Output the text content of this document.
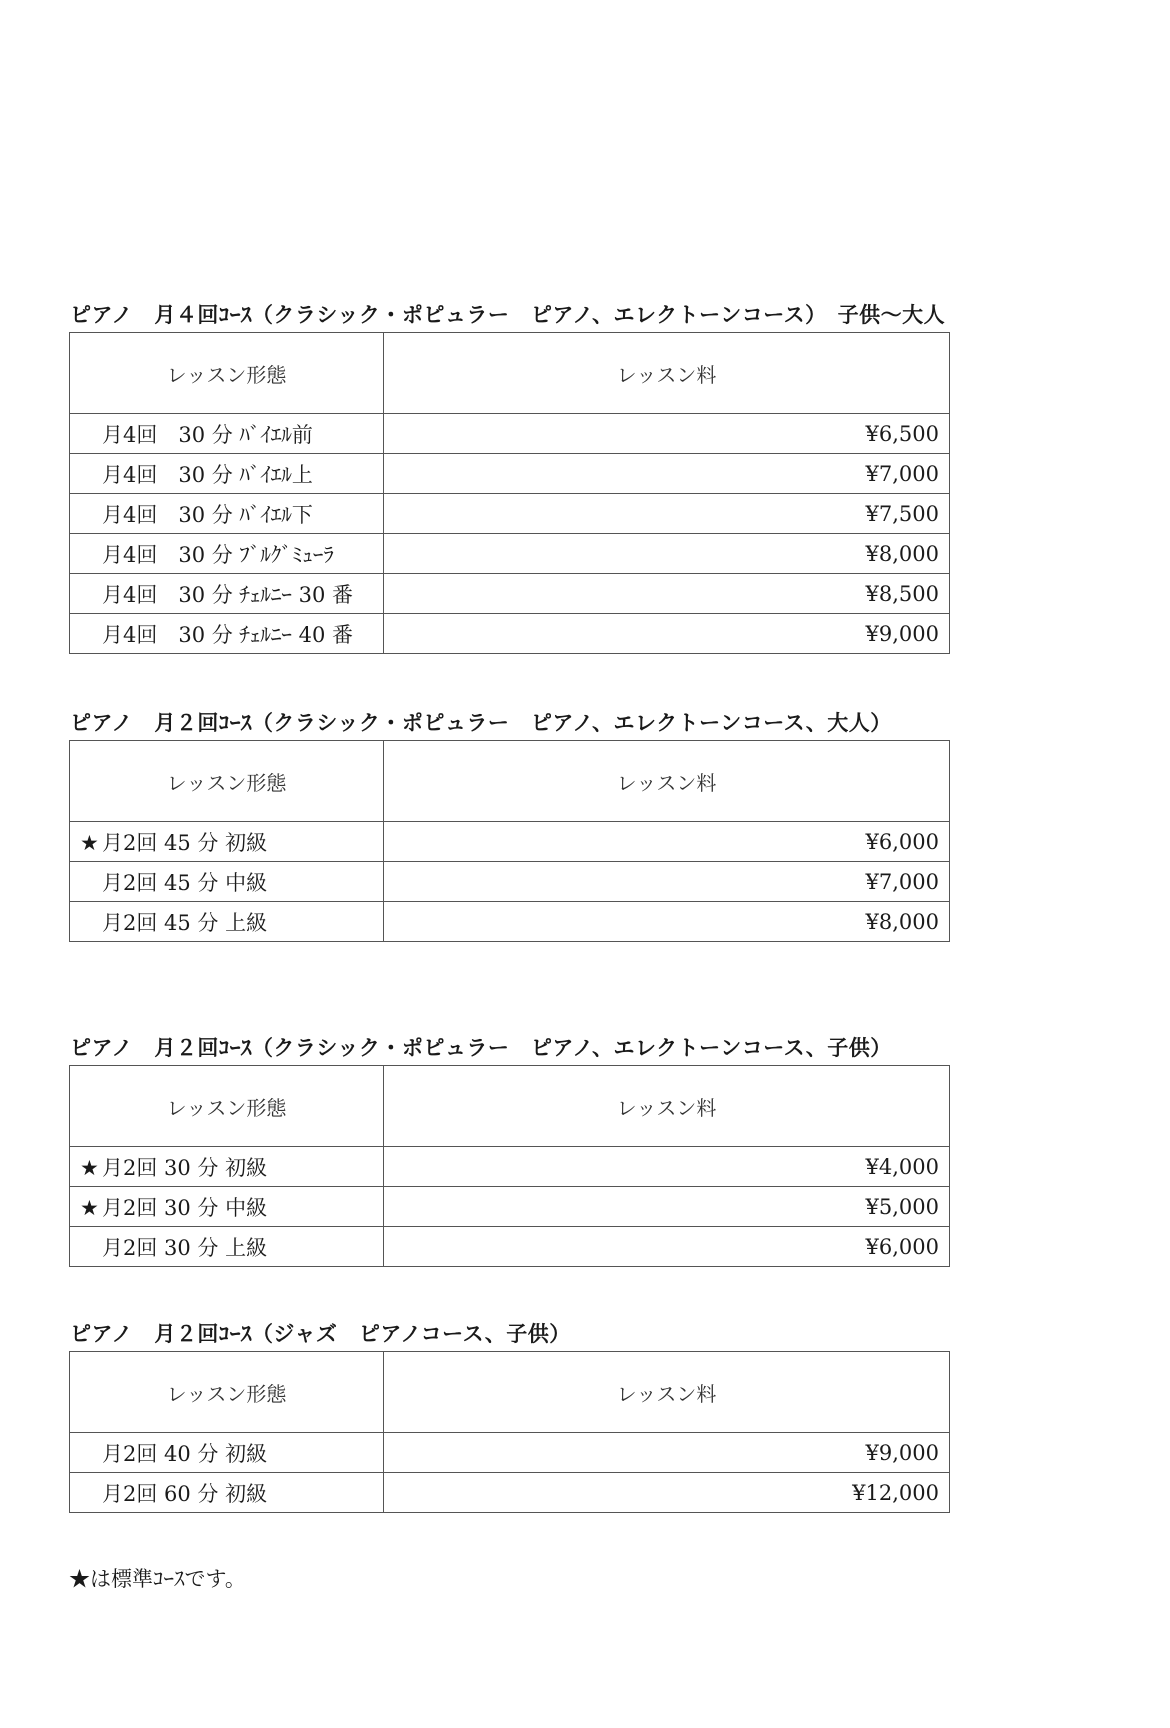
ピアノ　月４回ｺｰｽ（クラシック・ポピュラー　ピアノ、エレクトーンコース）　子供～大人
レッスン形態	レッスン料
月4回　30 分 ﾊﾞｲｴﾙ前	¥6,500
月4回　30 分 ﾊﾞｲｴﾙ上	¥7,000
月4回　30 分 ﾊﾞｲｴﾙ下	¥7,500
月4回　30 分 ﾌﾞﾙｸﾞﾐｭｰﾗ	¥8,000
月4回　30 分 ﾁｪﾙﾆｰ 30 番	¥8,500
月4回　30 分 ﾁｪﾙﾆｰ 40 番	¥9,000
ピアノ　月２回ｺｰｽ（クラシック・ポピュラー　ピアノ、エレクトーンコース、大人）
レッスン形態	レッスン料
★ 月2回 45 分 初級	¥6,000
月2回 45 分 中級	¥7,000
月2回 45 分 上級	¥8,000
ピアノ　月２回ｺｰｽ（クラシック・ポピュラー　ピアノ、エレクトーンコース、子供）
レッスン形態	レッスン料
★ 月2回 30 分 初級	¥4,000
★ 月2回 30 分 中級	¥5,000
月2回 30 分 上級	¥6,000
ピアノ　月２回ｺｰｽ（ジャズ　ピアノコース、子供）
レッスン形態	レッスン料
月2回 40 分 初級	¥9,000
月2回 60 分 初級	¥12,000
★は標準ｺｰｽです。
